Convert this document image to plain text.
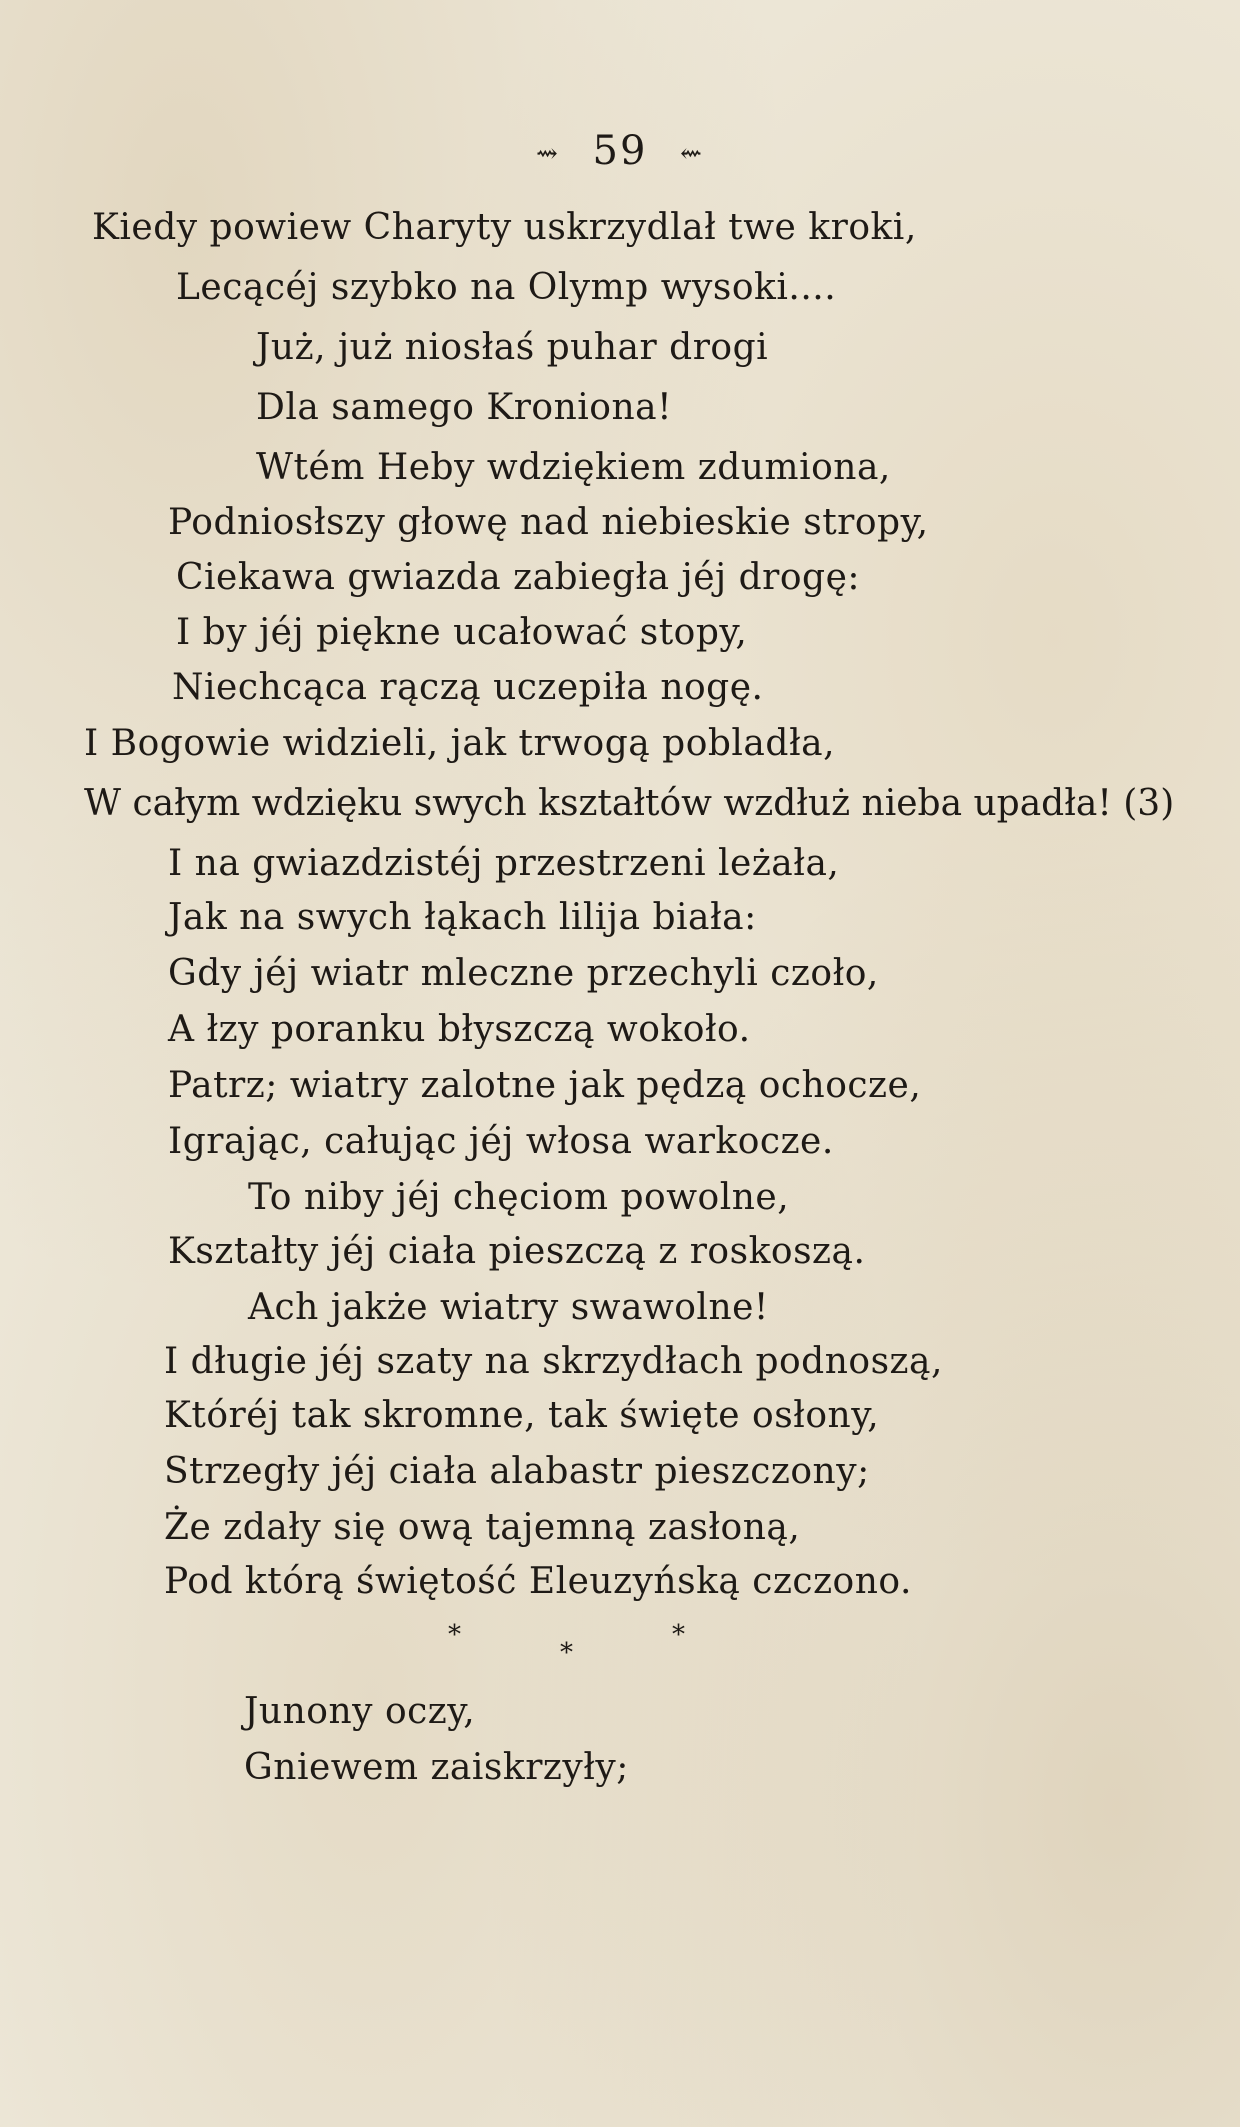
⇝ 59 ⇜
Kiedy powiew Charyty uskrzydlał twe kroki,
Lecącéj szybko na Olymp wysoki....
Już, już niosłaś puhar drogi
Dla samego Kroniona!
Wtém Heby wdziękiem zdumiona,
Podniosłszy głowę nad niebieskie stropy,
Ciekawa gwiazda zabiegła jéj drogę:
I by jéj piękne ucałować stopy,
Niechcąca rączą uczepiła nogę.
I Bogowie widzieli, jak trwogą pobladła,
W całym wdzięku swych kształtów wzdłuż nieba upadła! (3)
I na gwiazdzistéj przestrzeni leżała,
Jak na swych łąkach lilija biała:
Gdy jéj wiatr mleczne przechyli czoło,
A łzy poranku błyszczą wokoło.
Patrz; wiatry zalotne jak pędzą ochocze,
Igrając, całując jéj włosa warkocze.
To niby jéj chęciom powolne,
Kształty jéj ciała pieszczą z roskoszą.
Ach jakże wiatry swawolne!
I długie jéj szaty na skrzydłach podnoszą,
Któréj tak skromne, tak święte osłony,
Strzegły jéj ciała alabastr pieszczony;
Że zdały się ową tajemną zasłoną,
Pod którą świętość Eleuzyńską czczono.
*
*
*
Junony oczy,
Gniewem zaiskrzyły;
